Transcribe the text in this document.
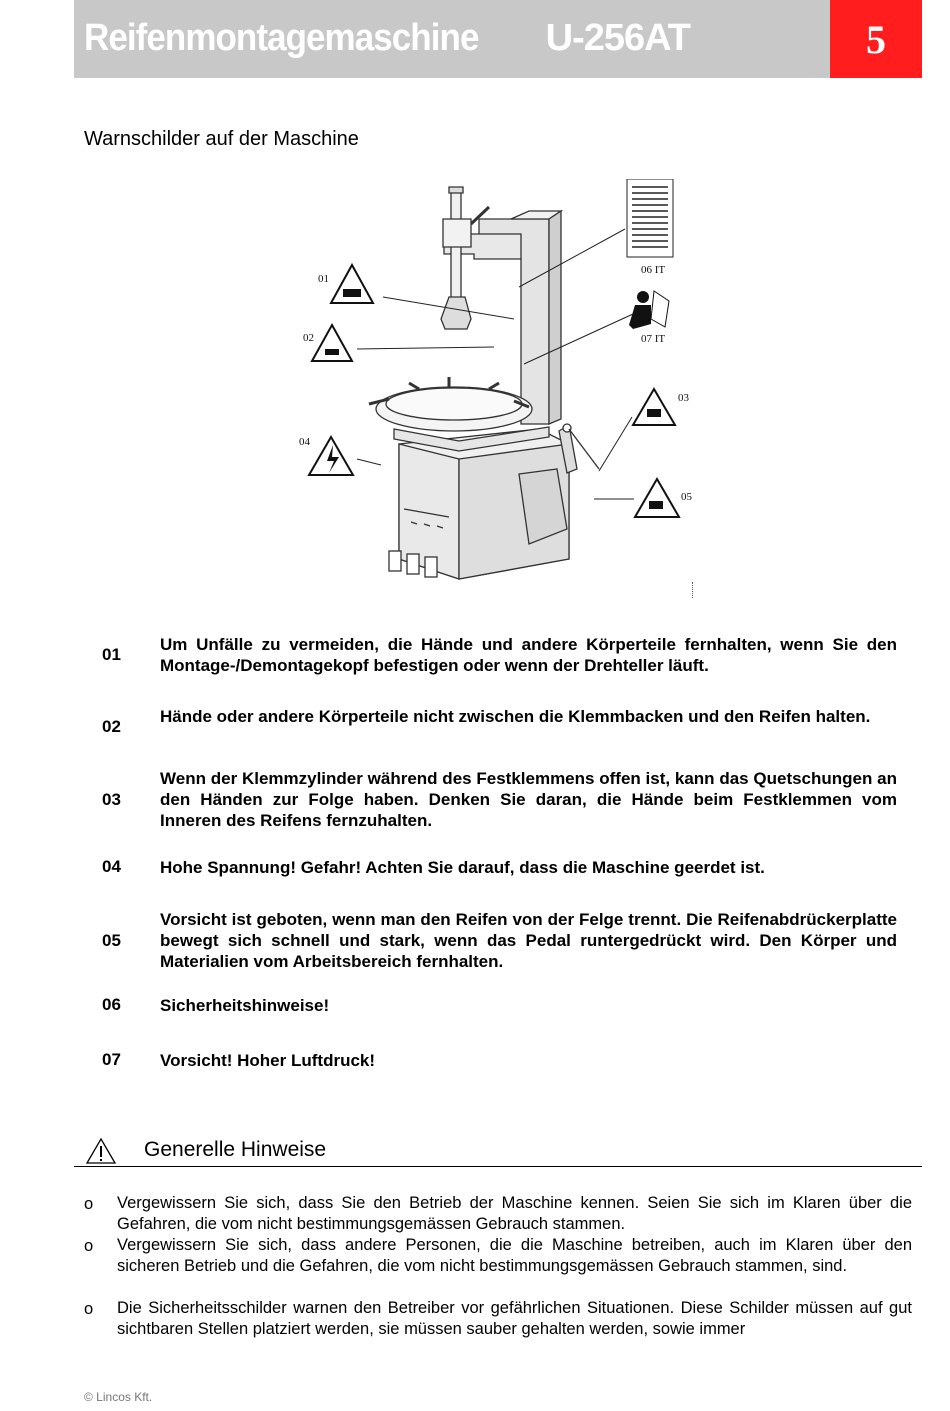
Reifenmontagemaschine U-256AT	5
Warnschilder auf der Maschine
01
02
04
03
05
06 IT
07 IT
01
Um Unfälle zu vermeiden, die Hände und andere Körperteile fernhalten, wenn Sie den Montage-/Demontagekopf befestigen oder wenn der Drehteller läuft.
02
Hände oder andere Körperteile nicht zwischen die Klemmbacken und den Reifen halten.
03
Wenn der Klemmzylinder während des Festklemmens offen ist, kann das Quetschungen an den Händen zur Folge haben. Denken Sie daran, die Hände beim Festklemmen vom Inneren des Reifens fernzuhalten.
04	Hohe Spannung! Gefahr! Achten Sie darauf, dass die Maschine geerdet ist.
05
Vorsicht ist geboten, wenn man den Reifen von der Felge trennt. Die Reifenabdrückerplatte bewegt sich schnell und stark, wenn das Pedal runtergedrückt wird. Den Körper und Materialien vom Arbeitsbereich fernhalten.
06	Sicherheitshinweise!
07	Vorsicht! Hoher Luftdruck!
Generelle Hinweise
o Vergewissern Sie sich, dass Sie den Betrieb der Maschine kennen. Seien Sie sich im Klaren über die Gefahren, die vom nicht bestimmungsgemässen Gebrauch stammen.
o Vergewissern Sie sich, dass andere Personen, die die Maschine betreiben, auch im Klaren über den sicheren Betrieb und die Gefahren, die vom nicht bestimmungsgemässen Gebrauch stammen, sind.
o Die Sicherheitsschilder warnen den Betreiber vor gefährlichen Situationen. Diese Schilder müssen auf gut sichtbaren Stellen platziert werden, sie müssen sauber gehalten werden, sowie immer
© Lincos Kft.
